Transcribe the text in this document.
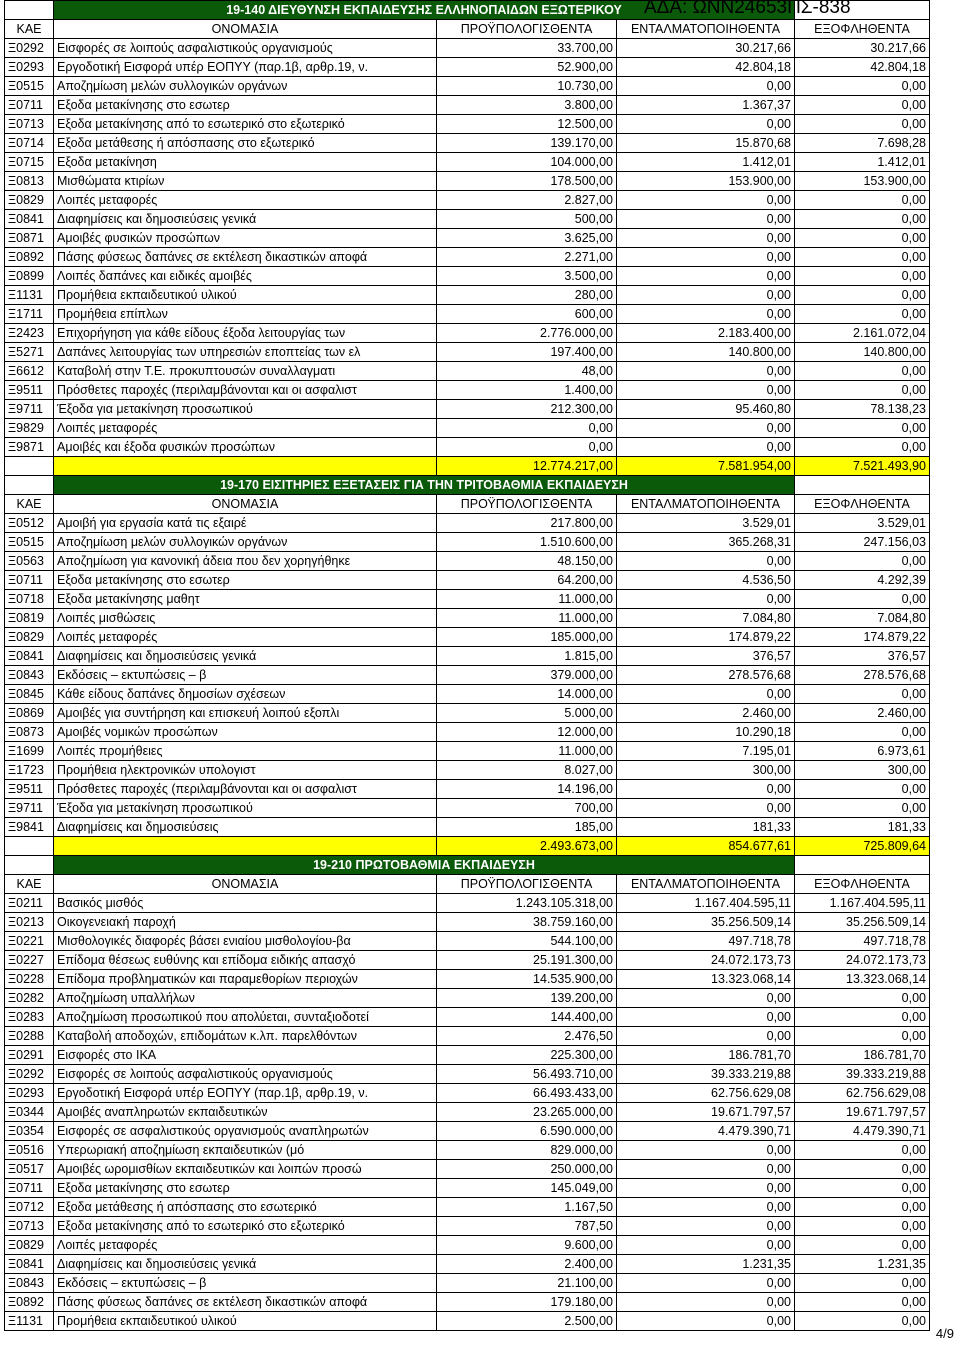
	19-140 ΔΙΕΥΘΥΝΣΗ ΕΚΠΑΙΔΕΥΣΗΣ ΕΛΛΗΝΟΠΑΙΔΩΝ ΕΞΩΤΕΡΙΚΟΥ			
ΚΑΕ	ΟΝΟΜΑΣΙΑ	ΠΡΟΫΠΟΛΟΓΙΣΘΕΝΤΑ	ΕΝΤΑΛΜΑΤΟΠΟΙΗΘΕΝΤΑ	ΕΞΟΦΛΗΘΕΝΤΑ
Ξ0292	Εισφορές σε λοιπούς ασφαλιστικούς οργανισμούς	33.700,00	30.217,66	30.217,66
Ξ0293	Εργοδοτική Εισφορά υπέρ ΕΟΠΥΥ (παρ.1β, αρθρ.19, ν.	52.900,00	42.804,18	42.804,18
Ξ0515	Αποζημίωση μελών συλλογικών οργάνων	10.730,00	0,00	0,00
Ξ0711	Εξοδα μετακίνησης στο εσωτερ	3.800,00	1.367,37	0,00
Ξ0713	Εξοδα μετακίνησης από το εσωτερικό στο εξωτερικό	12.500,00	0,00	0,00
Ξ0714	Εξοδα μετάθεσης ή απόσπασης στο εξωτερικό	139.170,00	15.870,68	7.698,28
Ξ0715	Εξοδα μετακίνηση	104.000,00	1.412,01	1.412,01
Ξ0813	Μισθώματα κτιρίων	178.500,00	153.900,00	153.900,00
Ξ0829	Λοιπές μεταφορές	2.827,00	0,00	0,00
Ξ0841	Διαφημίσεις και δημοσιεύσεις γενικά	500,00	0,00	0,00
Ξ0871	Αμοιβές φυσικών προσώπων	3.625,00	0,00	0,00
Ξ0892	Πάσης φύσεως δαπάνες σε εκτέλεση δικαστικών αποφά	2.271,00	0,00	0,00
Ξ0899	Λοιπές δαπάνες και ειδικές αμοιβές	3.500,00	0,00	0,00
Ξ1131	Προμήθεια εκπαιδευτικού υλικού	280,00	0,00	0,00
Ξ1711	Προμήθεια επίπλων	600,00	0,00	0,00
Ξ2423	Επιχορήγηση για κάθε είδους έξοδα λειτουργίας των	2.776.000,00	2.183.400,00	2.161.072,04
Ξ5271	Δαπάνες λειτουργίας των υπηρεσιών εποπτείας των ελ	197.400,00	140.800,00	140.800,00
Ξ6612	Καταβολή στην Τ.Ε. προκυπτουσών συναλλαγματι	48,00	0,00	0,00
Ξ9511	Πρόσθετες παροχές (περιλαμβάνονται και οι ασφαλιστ	1.400,00	0,00	0,00
Ξ9711	Έξοδα για μετακίνηση προσωπικού	212.300,00	95.460,80	78.138,23
Ξ9829	Λοιπές μεταφορές	0,00	0,00	0,00
Ξ9871	Αμοιβές και έξοδα φυσικών προσώπων	0,00	0,00	0,00
		12.774.217,00	7.581.954,00	7.521.493,90
	19-170 ΕΙΣΙΤΗΡΙΕΣ ΕΞΕΤΑΣΕΙΣ ΓΙΑ ΤΗΝ ΤΡΙΤΟΒΑΘΜΙΑ ΕΚΠΑΙΔΕΥΣΗ			
ΚΑΕ	ΟΝΟΜΑΣΙΑ	ΠΡΟΫΠΟΛΟΓΙΣΘΕΝΤΑ	ΕΝΤΑΛΜΑΤΟΠΟΙΗΘΕΝΤΑ	ΕΞΟΦΛΗΘΕΝΤΑ
Ξ0512	Αμοιβή για εργασία κατά τις εξαιρέ	217.800,00	3.529,01	3.529,01
Ξ0515	Αποζημίωση μελών συλλογικών οργάνων	1.510.600,00	365.268,31	247.156,03
Ξ0563	Αποζημίωση για κανονική άδεια που δεν χορηγήθηκε	48.150,00	0,00	0,00
Ξ0711	Εξοδα μετακίνησης στο εσωτερ	64.200,00	4.536,50	4.292,39
Ξ0718	Εξοδα μετακίνησης μαθητ	11.000,00	0,00	0,00
Ξ0819	Λοιπές μισθώσεις	11.000,00	7.084,80	7.084,80
Ξ0829	Λοιπές μεταφορές	185.000,00	174.879,22	174.879,22
Ξ0841	Διαφημίσεις και δημοσιεύσεις γενικά	1.815,00	376,57	376,57
Ξ0843	Εκδόσεις – εκτυπώσεις – β	379.000,00	278.576,68	278.576,68
Ξ0845	Κάθε είδους δαπάνες δημοσίων σχέσεων	14.000,00	0,00	0,00
Ξ0869	Αμοιβές για συντήρηση και επισκευή λοιπού εξοπλι	5.000,00	2.460,00	2.460,00
Ξ0873	Αμοιβές νομικών προσώπων	12.000,00	10.290,18	0,00
Ξ1699	Λοιπές προμήθειες	11.000,00	7.195,01	6.973,61
Ξ1723	Προμήθεια ηλεκτρονικών υπολογιστ	8.027,00	300,00	300,00
Ξ9511	Πρόσθετες παροχές (περιλαμβάνονται και οι ασφαλιστ	14.196,00	0,00	0,00
Ξ9711	Έξοδα για μετακίνηση προσωπικού	700,00	0,00	0,00
Ξ9841	Διαφημίσεις και δημοσιεύσεις	185,00	181,33	181,33
		2.493.673,00	854.677,61	725.809,64
	19-210 ΠΡΩΤΟΒΑΘΜΙΑ ΕΚΠΑΙΔΕΥΣΗ			
ΚΑΕ	ΟΝΟΜΑΣΙΑ	ΠΡΟΫΠΟΛΟΓΙΣΘΕΝΤΑ	ΕΝΤΑΛΜΑΤΟΠΟΙΗΘΕΝΤΑ	ΕΞΟΦΛΗΘΕΝΤΑ
Ξ0211	Βασικός μισθός	1.243.105.318,00	1.167.404.595,11	1.167.404.595,11
Ξ0213	Οικογενειακή παροχή	38.759.160,00	35.256.509,14	35.256.509,14
Ξ0221	Μισθολογικές διαφορές βάσει ενιαίου μισθολογίου-βα	544.100,00	497.718,78	497.718,78
Ξ0227	Επίδομα θέσεως ευθύνης και επίδομα ειδικής απασχό	25.191.300,00	24.072.173,73	24.072.173,73
Ξ0228	Επίδομα προβληματικών και παραμεθορίων περιοχών	14.535.900,00	13.323.068,14	13.323.068,14
Ξ0282	Αποζημίωση υπαλλήλων	139.200,00	0,00	0,00
Ξ0283	Αποζημίωση προσωπικού που απολύεται, συνταξιοδοτεί	144.400,00	0,00	0,00
Ξ0288	Καταβολή αποδοχών, επιδομάτων κ.λπ. παρελθόντων	2.476,50	0,00	0,00
Ξ0291	Εισφορές στο ΙΚΑ	225.300,00	186.781,70	186.781,70
Ξ0292	Εισφορές σε λοιπούς ασφαλιστικούς οργανισμούς	56.493.710,00	39.333.219,88	39.333.219,88
Ξ0293	Εργοδοτική Εισφορά υπέρ ΕΟΠΥΥ (παρ.1β, αρθρ.19, ν.	66.493.433,00	62.756.629,08	62.756.629,08
Ξ0344	Αμοιβές αναπληρωτών εκπαιδευτικών	23.265.000,00	19.671.797,57	19.671.797,57
Ξ0354	Εισφορές σε ασφαλιστικούς οργανισμούς αναπληρωτών	6.590.000,00	4.479.390,71	4.479.390,71
Ξ0516	Υπερωριακή αποζημίωση εκπαιδευτικών (μό	829.000,00	0,00	0,00
Ξ0517	Αμοιβές ωρομισθίων εκπαιδευτικών και λοιπών προσώ	250.000,00	0,00	0,00
Ξ0711	Εξοδα μετακίνησης στο εσωτερ	145.049,00	0,00	0,00
Ξ0712	Εξοδα μετάθεσης ή απόσπασης στο εσωτερικό	1.167,50	0,00	0,00
Ξ0713	Εξοδα μετακίνησης από το εσωτερικό στο εξωτερικό	787,50	0,00	0,00
Ξ0829	Λοιπές μεταφορές	9.600,00	0,00	0,00
Ξ0841	Διαφημίσεις και δημοσιεύσεις γενικά	2.400,00	1.231,35	1.231,35
Ξ0843	Εκδόσεις – εκτυπώσεις – β	21.100,00	0,00	0,00
Ξ0892	Πάσης φύσεως δαπάνες σε εκτέλεση δικαστικών αποφά	179.180,00	0,00	0,00
Ξ1131	Προμήθεια εκπαιδευτικού υλικού	2.500,00	0,00	0,00
ΑΔΑ: ΩΝΝ24653ΠΣ-838
4/9
